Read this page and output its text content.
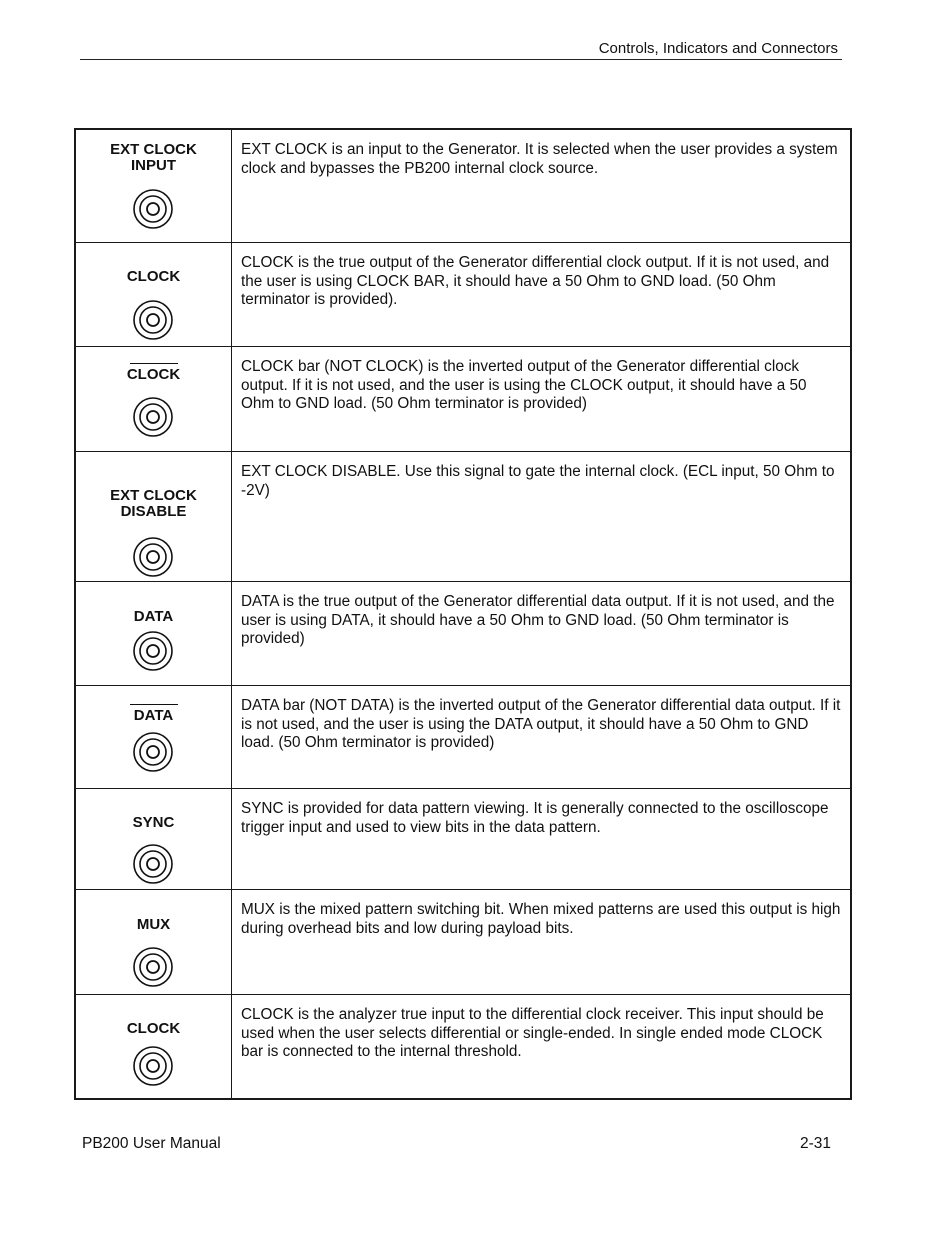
Controls, Indicators and Connectors
EXT CLOCK
INPUT
EXT CLOCK is an input to the Generator. It is selected when the user provides a system clock and bypasses the PB200 internal clock source.
CLOCK
CLOCK is the true output of the Generator differential clock output. If it is not used, and the user is using CLOCK BAR, it should have a 50 Ohm to GND load. (50 Ohm terminator is provided).
CLOCK	CLOCK bar (NOT CLOCK) is the inverted output of the Generator differential clock output. If it is not used, and the user is using the CLOCK output, it should have a 50 Ohm to GND load. (50 Ohm terminator is provided)
EXT CLOCK
DISABLE
EXT CLOCK DISABLE. Use this signal to gate the internal clock. (ECL input, 50 Ohm to -2V)
DATA
DATA is the true output of the Generator differential data output. If it is not used, and the user is using DATA, it should have a 50 Ohm to GND load. (50 Ohm terminator is provided)
DATA
DATA bar (NOT DATA) is the inverted output of the Generator differential data output. If it is not used, and the user is using the DATA output, it should have a 50 Ohm to GND load. (50 Ohm terminator is provided)
SYNC
SYNC is provided for data pattern viewing. It is generally connected to the oscilloscope trigger input and used to view bits in the data pattern.
MUX
MUX is the mixed pattern switching bit. When mixed patterns are used this output is high during overhead bits and low during payload bits.
CLOCK
CLOCK is the analyzer true input to the differential clock receiver. This input should be used when the user selects differential or single-ended. In single ended mode CLOCK bar is connected to the internal threshold.
PB200 User Manual	2-31
